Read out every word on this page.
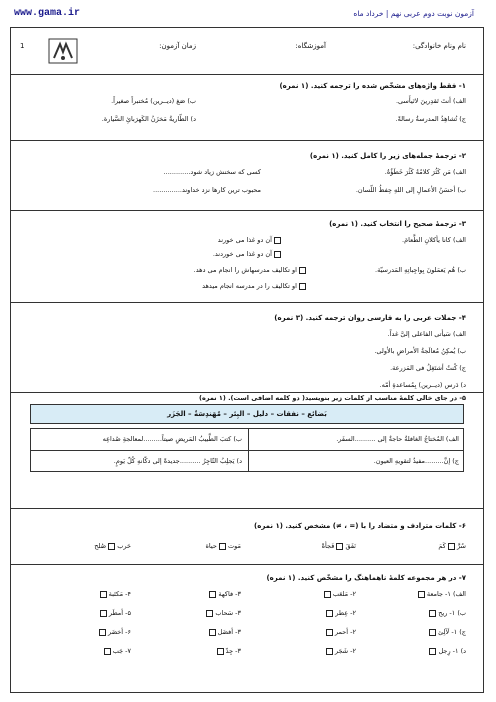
www.gama.ir	آزمون نوبت دوم عربی نهم | خرداد ماه
نام ونام خانوادگی:
آموزشگاه:
زمان آزمون:
1
۱- فقط واژه‌های مشخّص شده را ترجمه کنید. (۱ نمره)
الف) أنتَ تَقدِرینَ لاتَیأَسی.
ب) صَغ (دیــرین) مُختبراً صغیراً.
ج) تُشاهِدُ المدرسةُ رسالةً.
د) الطّاریةُ مَخزَنُ الکَهرَبائِ السَّیارة.
۲- ترجمهٔ جمله‌های زیر را کامل کنید. (۱ نمره)
الف) مَن کَثُرَ کلامُهُ کَثُرَ خَطَؤُهُ.
کسی که سخنش زیاد شود.............
ب) أحسَنُ الأعمالِ إلی اللهِ حِفظُ اللّسان.
محبوب ترین کارها نزد خداوند..............
۳- ترجمهٔ صحیح را انتخاب کنید. (۱ نمره)
الف) کانا یأکلانِ الطَّعامَ.
آن دو غذا می خورند
آن دو غذا می خوردند.
ب) هُم یَعمَلونَ بِواجِباتِهِ المَدرسیّة.
او تکالیف مدرسهاش را انجام می دهد.
او تکالیف را در مدرسه انجام میدهد
۴- جملات عربی را به فارسی روان ترجمه کنید. (۳ نمره)
الف) سَیأتی الفاعلی إلیَّ غداً.
ب) یُمکِنُ مُعالَجةُ الأمراضِ بالأولى.
ج) کُنتُ أشتَغِلُ فی المَزرعة.
د) دَرس (دیــرین) بِمُساعدةِ أمّه.
۵- در جای خالی کلمهٔ مناسب از کلمات زیر بنویسید( دو کلمه اضافی است). (۱ نمره)
بَضائع – نفقات – دلیل – البِئر – مُهَندِسَةُ – الجَزَر
الف) المُختاجُ الغافلةُ حاجةٌ إلی ..........السفَر.
ب) کتبَ الطَّبیبُ المَریضِ صیتاً.........لمعالجةِ صُداعِه
ج) إنَّ.........مفیدٌ لتقویهِ العیون.
د) یَجلِبُ التّاجِرُ ..........جدیدةً إلی دکّانهِ کُلّ یَومٍ.
۶- کلمات مترادف و متضاد را با (= ، ≠) مشخص کنید. (۱ نمره)
سُرَّ  کَمَ
نَفَقَ  فَجأةً
مَوت  حیاة
حَرب  صُلح
۷- در هر مجموعه کلمهٔ ناهماهنگ را مشخّص کنید. (۱ نمره)
الف) ۱- جامعة
۲- مَلعَب
۳- فاکهة
۴- مَکتَبة
ب) ۱- ریح
۲- عِطر
۳- سَحاب
۵- أمطَر
ج) ۱- لَآلِئ
۲- أحمر
۳- أفضَل
۶- أخضَر
د) ۱- رِجل
۲- شَجَر
۳- جِدّ
۷- جَب
